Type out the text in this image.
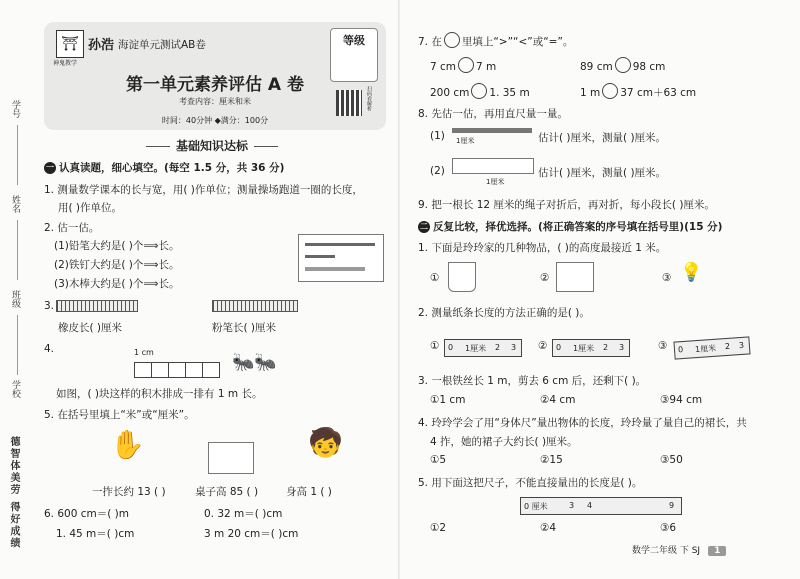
学号
姓名
班级
学校
德智体美劳 得好成绩
⛩
神鬼教学
孙浩 海淀单元测试AB卷	等级
第一单元素养评估 A 卷
考查内容：厘米和米
时间：40分钟 ◆满分：100分
扫码看解析
基础知识达标
一 认真读题，细心填空。(每空 1.5 分，共 36 分)
1. 测量数学课本的长与宽，用( )作单位；测量操场跑道一圈的长度，
用( )作单位。
2. 估一估。
(1)铅笔大约是( )个⟹长。
(2)铁钉大约是( )个⟹长。
(3)木棒大约是( )个⟹长。
3.
橡皮长( )厘米	粉笔长( )厘米
4.	1 cm	🐜🐜
如图，( )块这样的积木排成一排有 1 m 长。
5. 在括号里填上“米”或“厘米”。
✋	🧒
一拃长约 13 ( )	桌子高 85 ( )	身高 1 ( )
6. 600 cm＝( )m	0. 32 m＝( )cm
1. 45 m＝( )cm	3 m 20 cm＝( )cm
7. 在 里填上“>”“<”或“=”。
7 cm 7 m	89 cm 98 cm
200 cm 1. 35 m	1 m 37 cm＋63 cm
8. 先估一估，再用直尺量一量。
(1) 1厘米	估计( )厘米，测量( )厘米。
(2)
1厘米
估计( )厘米，测量( )厘米。
9. 把一根长 12 厘米的绳子对折后，再对折，每小段长( )厘米。
二 反复比较，择优选择。(将正确答案的序号填在括号里)(15 分)
1. 下面是玲玲家的几种物品，( )的高度最接近 1 米。
①	②	③ 💡
2. 测量纸条长度的方法正确的是( )。
① 0 1厘米 2 3 ② 0 1厘米 2 3	③ 0 1厘米 2 3
3. 一根铁丝长 1 m，剪去 6 cm 后，还剩下( )。
①1 cm	②4 cm	③94 cm
4. 玲玲学会了用“身体尺”量出物体的长度，玲玲量了量自己的裙长，共
4 拃，她的裙子大约长( )厘米。
①5	②15	③50
5. 用下面这把尺子，不能直接量出的长度是( )。
0 厘米	3 4	9
①2	②4	③6
数学二年级 下 SJ 1
